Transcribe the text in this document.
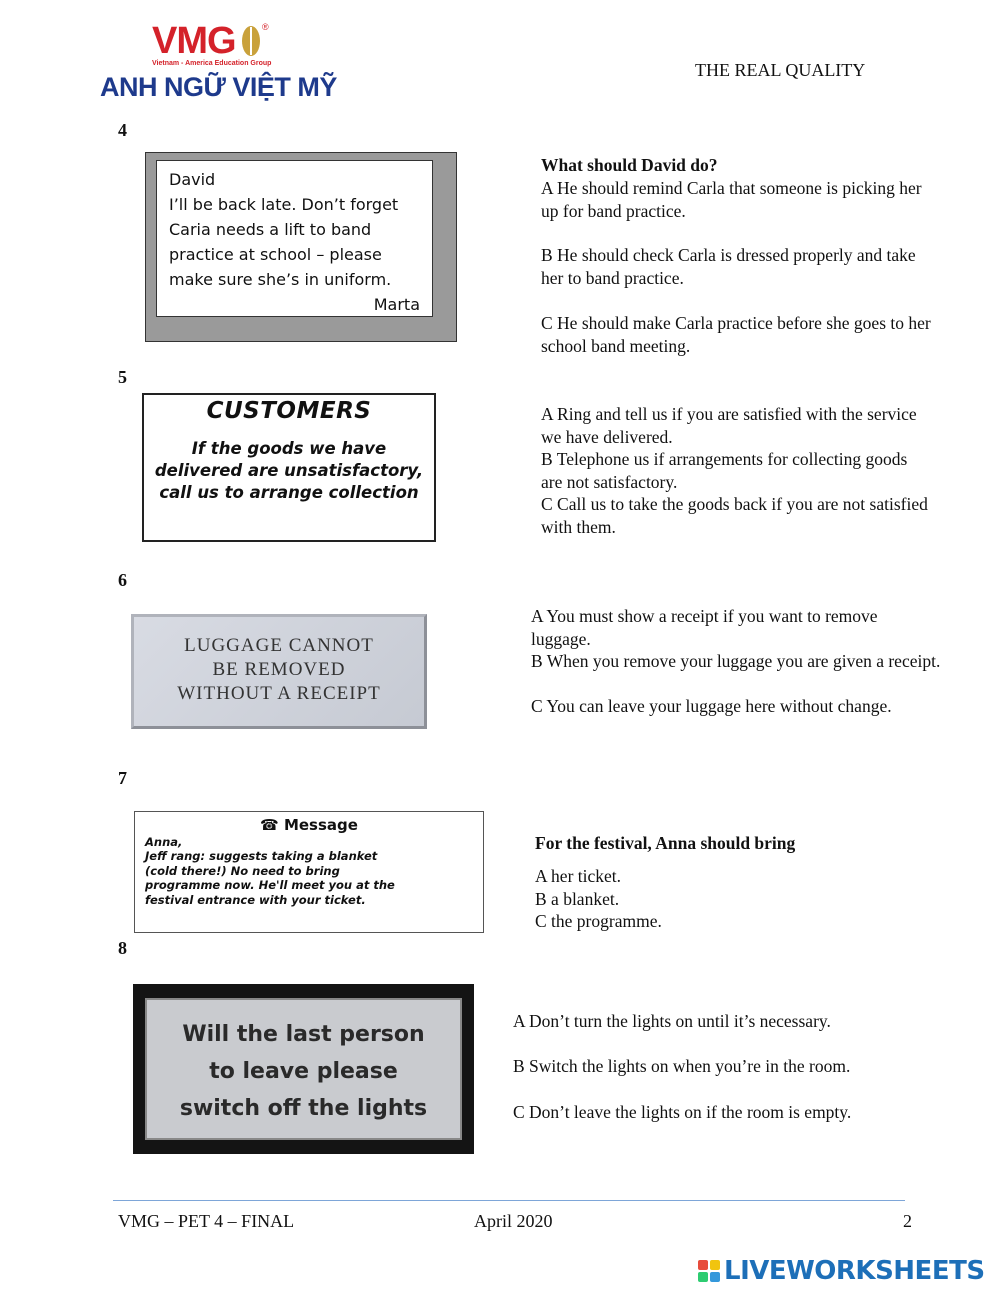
VMG	®
Vietnam - America Education Group
ANH NGỮ VIỆT MỸ
THE REAL QUALITY
4
David
I’ll be back late. Don’t forget
Caria needs a lift to band
practice at school – please
make sure she’s in uniform.
Marta
What should David do?
A He should remind Carla that someone is picking her up for band practice.
B He should check Carla is dressed properly and take her to band practice.
C He should make Carla practice before she goes to her school band meeting.
5
CUSTOMERS
If the goods we have delivered are unsatisfactory, call us to arrange collection
A Ring and tell us if you are satisfied with the service we have delivered.
B Telephone us if arrangements for collecting goods are not satisfactory.
C Call us to take the goods back if you are not satisfied with them.
6
LUGGAGE CANNOT
BE REMOVED
WITHOUT A RECEIPT
A You must show a receipt if you want to remove luggage.
B When you remove your luggage you are given a receipt.
C You can leave your luggage here without change.
7
☎ Message
Anna,
Jeff rang: suggests taking a blanket
(cold there!) No need to bring
programme now. He'll meet you at the
festival entrance with your ticket.
For the festival, Anna should bring
A her ticket.
B a blanket.
C the programme.
8
Will the last person
to leave please
switch off the lights
A Don’t turn the lights on until it’s necessary.
B Switch the lights on when you’re in the room.
C Don’t leave the lights on if the room is empty.
VMG – PET 4 – FINAL	April 2020	2
LIVEWORKSHEETS
